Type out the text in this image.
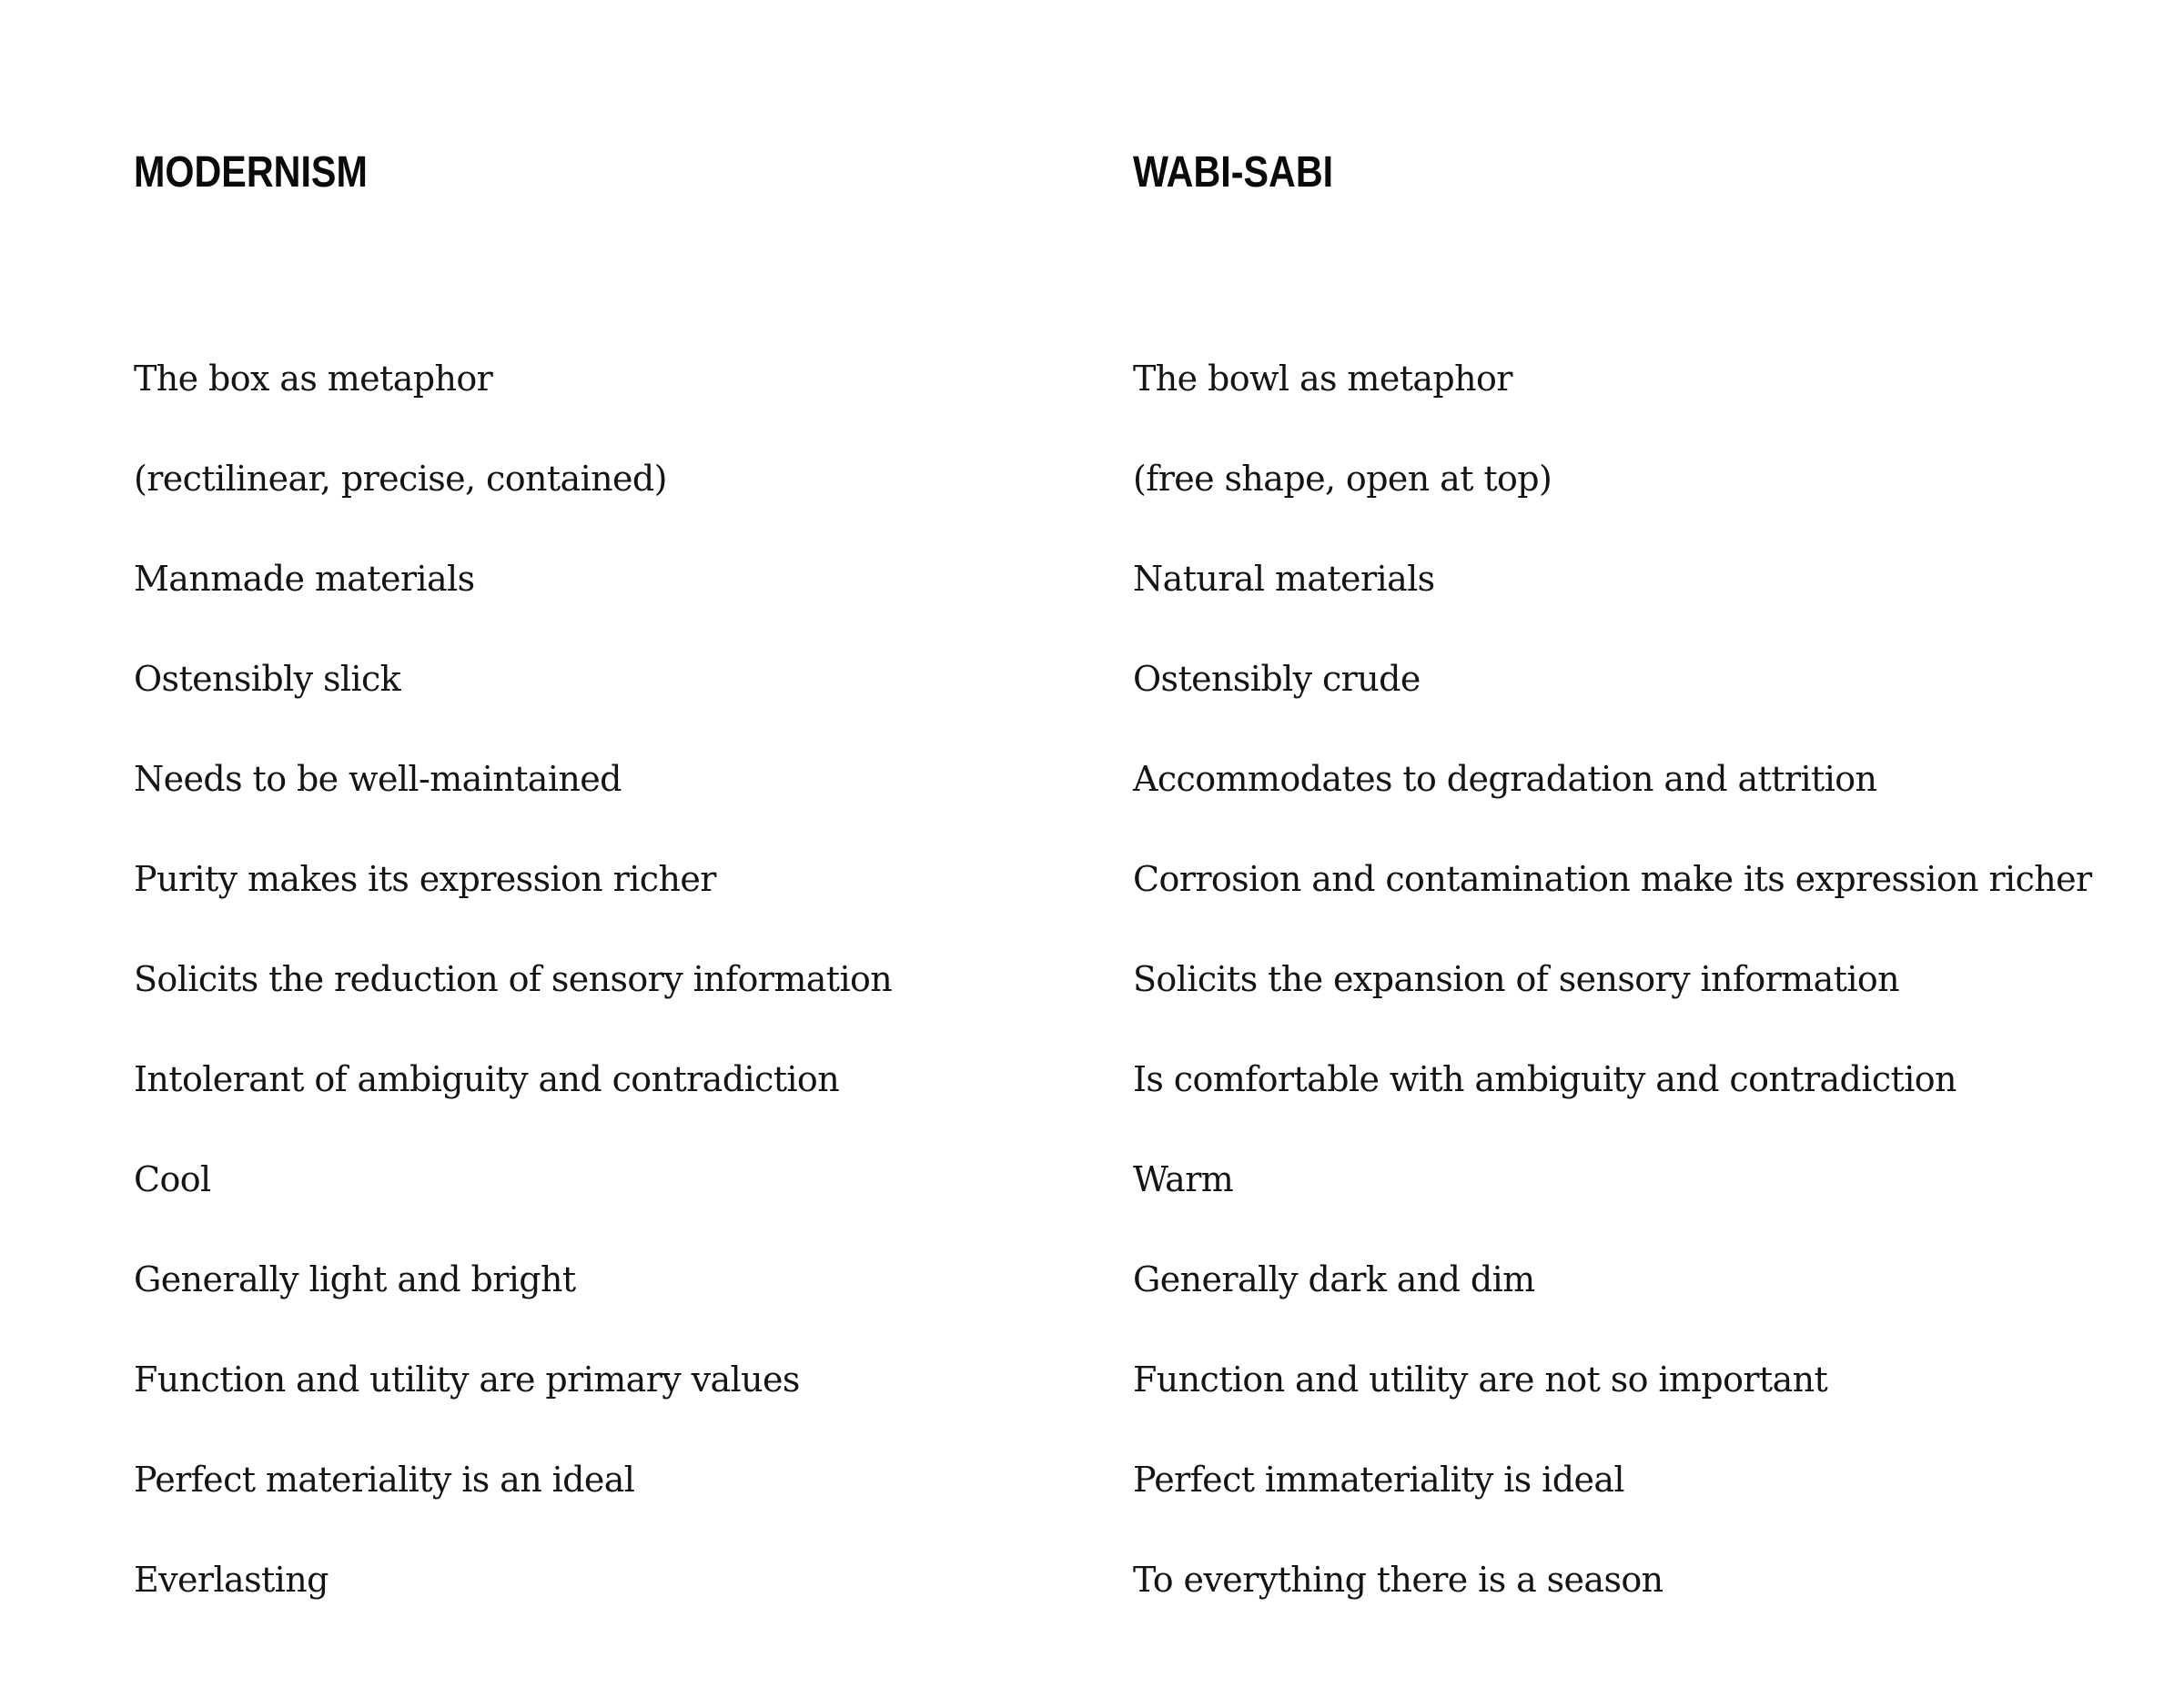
MODERNISM
The box as metaphor
(rectilinear, precise, contained)
Manmade materials
Ostensibly slick
Needs to be well-maintained
Purity makes its expression richer
Solicits the reduction of sensory information
Intolerant of ambiguity and contradiction
Cool
Generally light and bright
Function and utility are primary values
Perfect materiality is an ideal
Everlasting
WABI-SABI
The bowl as metaphor
(free shape, open at top)
Natural materials
Ostensibly crude
Accommodates to degradation and attrition
Corrosion and contamination make its expression richer
Solicits the expansion of sensory information
Is comfortable with ambiguity and contradiction
Warm
Generally dark and dim
Function and utility are not so important
Perfect immateriality is ideal
To everything there is a season
